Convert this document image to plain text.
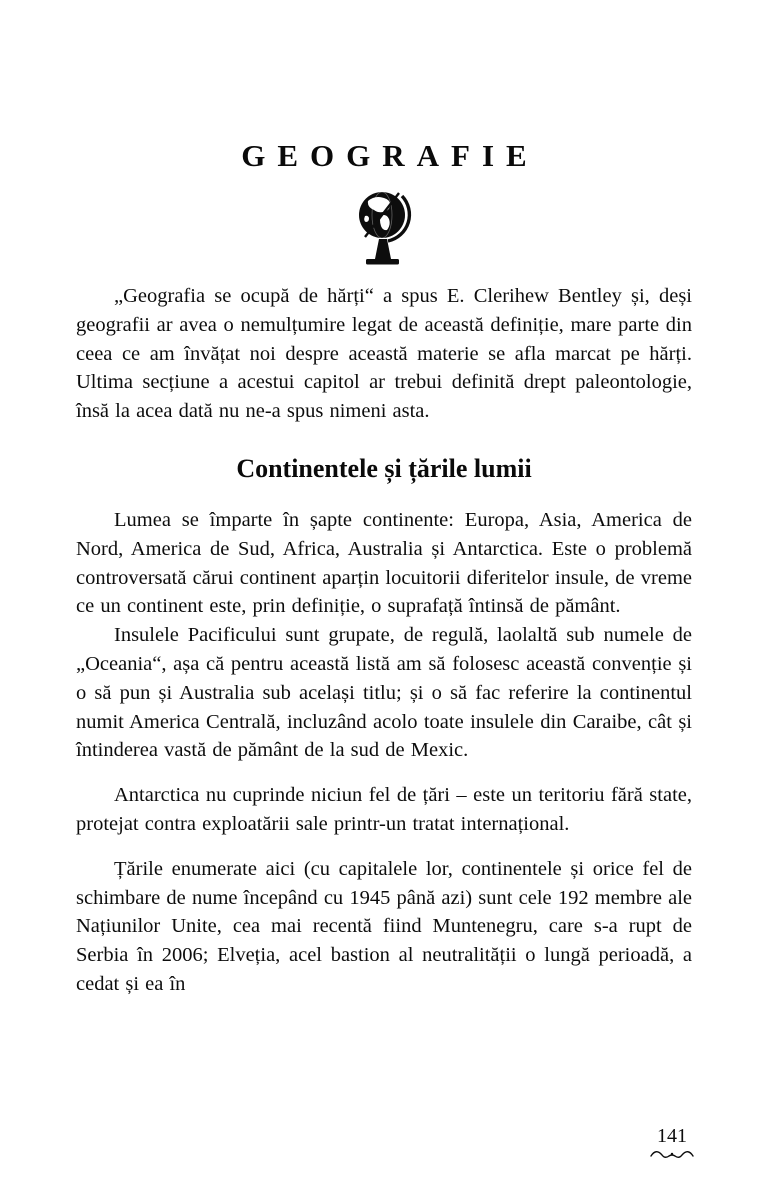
GEOGRAFIE

„Geografia se ocupă de hărți“ a spus E. Clerihew Bentley și, deși geografii ar avea o nemulțumire legat de această definiție, mare parte din ceea ce am învățat noi despre această materie se afla marcat pe hărți. Ultima secțiune a acestui capitol ar trebui definită drept paleontologie, însă la acea dată nu ne-a spus nimeni asta.

Continentele și țările lumii

Lumea se împarte în șapte continente: Europa, Asia, America de Nord, America de Sud, Africa, Australia și Antarctica. Este o problemă controversată cărui continent aparțin locuitorii diferitelor insule, de vreme ce un continent este, prin definiție, o suprafață întinsă de pământ.

Insulele Pacificului sunt grupate, de regulă, laolaltă sub numele de „Oceania“, așa că pentru această listă am să folosesc această convenție și o să pun și Australia sub același titlu; și o să fac referire la continentul numit America Centrală, incluzând acolo toate insulele din Caraibe, cât și întinderea vastă de pământ de la sud de Mexic.

Antarctica nu cuprinde niciun fel de țări – este un teritoriu fără state, protejat contra exploatării sale printr-un tratat internațional.

Țările enumerate aici (cu capitalele lor, continentele și orice fel de schimbare de nume începând cu 1945 până azi) sunt cele 192 membre ale Națiunilor Unite, cea mai recentă fiind Muntenegru, care s-a rupt de Serbia în 2006; Elveția, acel bastion al neutralității o lungă perioadă, a cedat și ea în

141
